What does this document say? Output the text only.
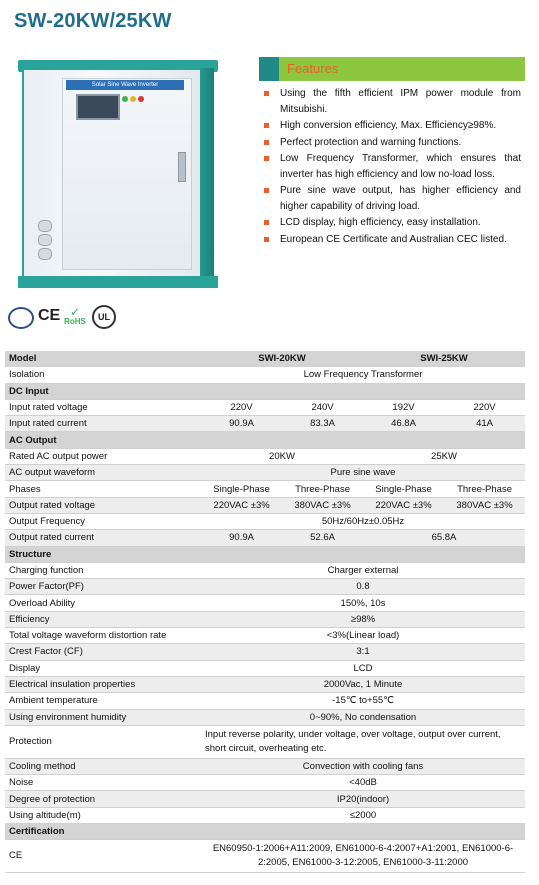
SW-20KW/25KW
Solar Sine Wave Inverter
Features
Using the fifth efficient IPM power module from Mitsubishi.
High conversion efficiency, Max. Efficiency≥98%.
Perfect protection and warning functions.
Low Frequency Transformer, which ensures that inverter has high efficiency and low no-load loss.
Pure sine wave output, has higher efficiency and higher capability of driving load.
LCD display, high efficiency, easy installation.
European CE Certificate and Australian CEC listed.
CE ✓
RoHS	UL
Model	SWI-20KW		SWI-25KW	
Isolation	Low Frequency Transformer			
DC Input				
Input rated voltage	220V	240V	192V	220V
Input rated current	90.9A	83.3A	46.8A	41A
AC Output				
Rated AC output power	20KW		25KW	
AC output waveform	Pure sine wave			
Phases	Single-Phase	Three-Phase	Single-Phase	Three-Phase
Output rated voltage	220VAC ±3%	380VAC ±3%	220VAC ±3%	380VAC ±3%
Output Frequency	50Hz/60Hz±0.05Hz			
Output rated current	90.9A	52.6A	65.8A	
Structure				
Charging function	Charger external			
Power Factor(PF)	0.8			
Overload Ability	150%, 10s			
Efficiency	≥98%			
Total voltage waveform distortion rate	<3%(Linear load)			
Crest Factor (CF)	3:1			
Display	LCD			
Electrical insulation properties	2000Vac, 1 Minute			
Ambient temperature	-15℃ to+55℃			
Using environment humidity	0~90%, No condensation			
Protection	Input reverse polarity, under voltage, over voltage, output over current, short circuit, overheating etc.			
Cooling method	Convection with cooling fans			
Noise	<40dB			
Degree of protection	IP20(indoor)			
Using altitude(m)	≤2000			
Certification				
CE	EN60950-1:2006+A11:2009, EN61000-6-4:2007+A1:2001, EN61000-6-2:2005, EN61000-3-12:2005, EN61000-3-11:2000			
